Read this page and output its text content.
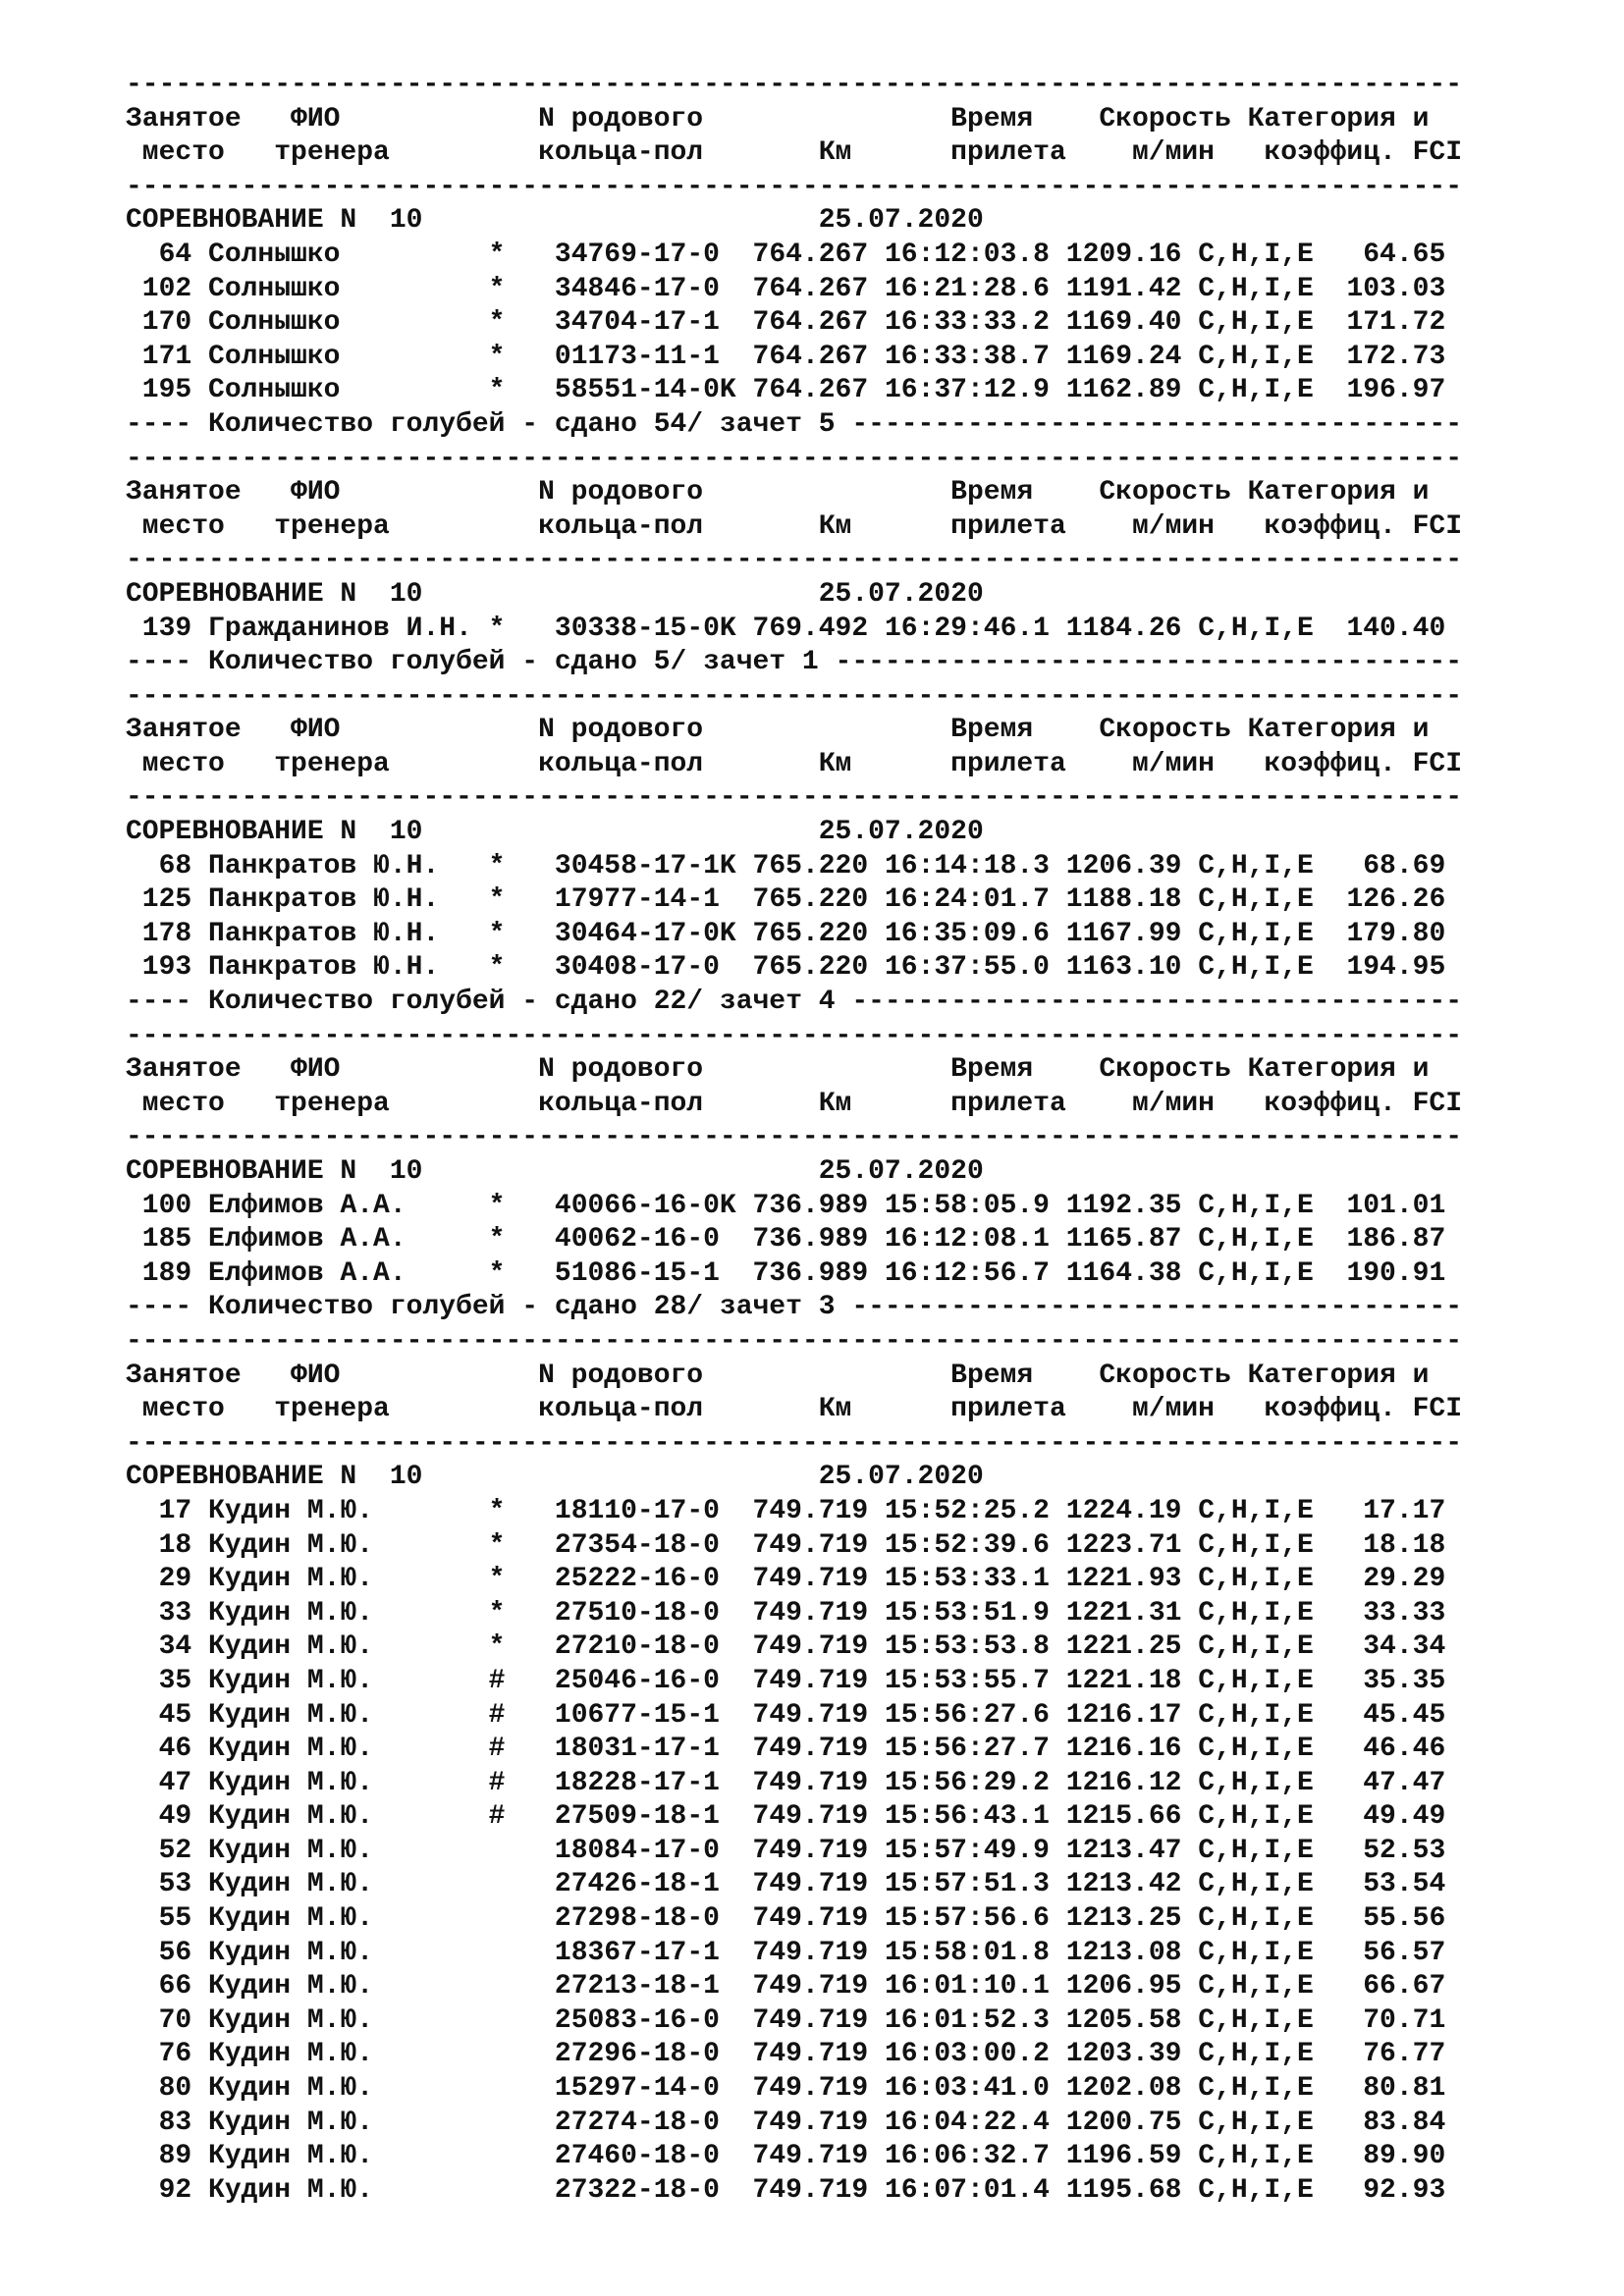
---------------------------------------------------------------------------------
Занятое   ФИО            N родового               Время    Скорость Категория и
место   тренера         кольца-пол       Км      прилета    м/мин   коэффиц. FCI
---------------------------------------------------------------------------------
СОРЕВНОВАНИЕ N  10	25.07.2020
64 Солнышко         *   34769-17-0  764.267 16:12:03.8 1209.16 C,H,I,E   64.65
102 Солнышко         *   34846-17-0  764.267 16:21:28.6 1191.42 C,H,I,E  103.03
170 Солнышко         *   34704-17-1  764.267 16:33:33.2 1169.40 C,H,I,E  171.72
171 Солнышко         *   01173-11-1  764.267 16:33:38.7 1169.24 C,H,I,E  172.73
195 Солнышко         *   58551-14-0K 764.267 16:37:12.9 1162.89 C,H,I,E  196.97
---- Количество голубей - сдано 54/ зачет 5 -------------------------------------
---------------------------------------------------------------------------------
Занятое   ФИО            N родового               Время    Скорость Категория и
место   тренера         кольца-пол       Км      прилета    м/мин   коэффиц. FCI
---------------------------------------------------------------------------------
СОРЕВНОВАНИЕ N  10	25.07.2020
139 Гражданинов И.Н. *   30338-15-0K 769.492 16:29:46.1 1184.26 C,H,I,E  140.40
---- Количество голубей - сдано 5/ зачет 1 --------------------------------------
---------------------------------------------------------------------------------
Занятое   ФИО            N родового               Время    Скорость Категория и
место   тренера         кольца-пол       Км      прилета    м/мин   коэффиц. FCI
---------------------------------------------------------------------------------
СОРЕВНОВАНИЕ N  10	25.07.2020
68 Панкратов Ю.Н.   *   30458-17-1K 765.220 16:14:18.3 1206.39 C,H,I,E   68.69
125 Панкратов Ю.Н.   *   17977-14-1  765.220 16:24:01.7 1188.18 C,H,I,E  126.26
178 Панкратов Ю.Н.   *   30464-17-0K 765.220 16:35:09.6 1167.99 C,H,I,E  179.80
193 Панкратов Ю.Н.   *   30408-17-0  765.220 16:37:55.0 1163.10 C,H,I,E  194.95
---- Количество голубей - сдано 22/ зачет 4 -------------------------------------
---------------------------------------------------------------------------------
Занятое   ФИО            N родового               Время    Скорость Категория и
место   тренера         кольца-пол       Км      прилета    м/мин   коэффиц. FCI
---------------------------------------------------------------------------------
СОРЕВНОВАНИЕ N  10	25.07.2020
100 Елфимов А.А.     *   40066-16-0K 736.989 15:58:05.9 1192.35 C,H,I,E  101.01
185 Елфимов А.А.     *   40062-16-0  736.989 16:12:08.1 1165.87 C,H,I,E  186.87
189 Елфимов А.А.     *   51086-15-1  736.989 16:12:56.7 1164.38 C,H,I,E  190.91
---- Количество голубей - сдано 28/ зачет 3 -------------------------------------
---------------------------------------------------------------------------------
Занятое   ФИО            N родового               Время    Скорость Категория и
место   тренера         кольца-пол       Км      прилета    м/мин   коэффиц. FCI
---------------------------------------------------------------------------------
СОРЕВНОВАНИЕ N  10	25.07.2020
17 Кудин М.Ю.       *   18110-17-0  749.719 15:52:25.2 1224.19 C,H,I,E   17.17
18 Кудин М.Ю.       *   27354-18-0  749.719 15:52:39.6 1223.71 C,H,I,E   18.18
29 Кудин М.Ю.       *   25222-16-0  749.719 15:53:33.1 1221.93 C,H,I,E   29.29
33 Кудин М.Ю.       *   27510-18-0  749.719 15:53:51.9 1221.31 C,H,I,E   33.33
34 Кудин М.Ю.       *   27210-18-0  749.719 15:53:53.8 1221.25 C,H,I,E   34.34
35 Кудин М.Ю.       #   25046-16-0  749.719 15:53:55.7 1221.18 C,H,I,E   35.35
45 Кудин М.Ю.       #   10677-15-1  749.719 15:56:27.6 1216.17 C,H,I,E   45.45
46 Кудин М.Ю.       #   18031-17-1  749.719 15:56:27.7 1216.16 C,H,I,E   46.46
47 Кудин М.Ю.       #   18228-17-1  749.719 15:56:29.2 1216.12 C,H,I,E   47.47
49 Кудин М.Ю.       #   27509-18-1  749.719 15:56:43.1 1215.66 C,H,I,E   49.49
52 Кудин М.Ю.           18084-17-0  749.719 15:57:49.9 1213.47 C,H,I,E   52.53
53 Кудин М.Ю.           27426-18-1  749.719 15:57:51.3 1213.42 C,H,I,E   53.54
55 Кудин М.Ю.           27298-18-0  749.719 15:57:56.6 1213.25 C,H,I,E   55.56
56 Кудин М.Ю.           18367-17-1  749.719 15:58:01.8 1213.08 C,H,I,E   56.57
66 Кудин М.Ю.           27213-18-1  749.719 16:01:10.1 1206.95 C,H,I,E   66.67
70 Кудин М.Ю.           25083-16-0  749.719 16:01:52.3 1205.58 C,H,I,E   70.71
76 Кудин М.Ю.           27296-18-0  749.719 16:03:00.2 1203.39 C,H,I,E   76.77
80 Кудин М.Ю.           15297-14-0  749.719 16:03:41.0 1202.08 C,H,I,E   80.81
83 Кудин М.Ю.           27274-18-0  749.719 16:04:22.4 1200.75 C,H,I,E   83.84
89 Кудин М.Ю.           27460-18-0  749.719 16:06:32.7 1196.59 C,H,I,E   89.90
92 Кудин М.Ю.           27322-18-0  749.719 16:07:01.4 1195.68 C,H,I,E   92.93
